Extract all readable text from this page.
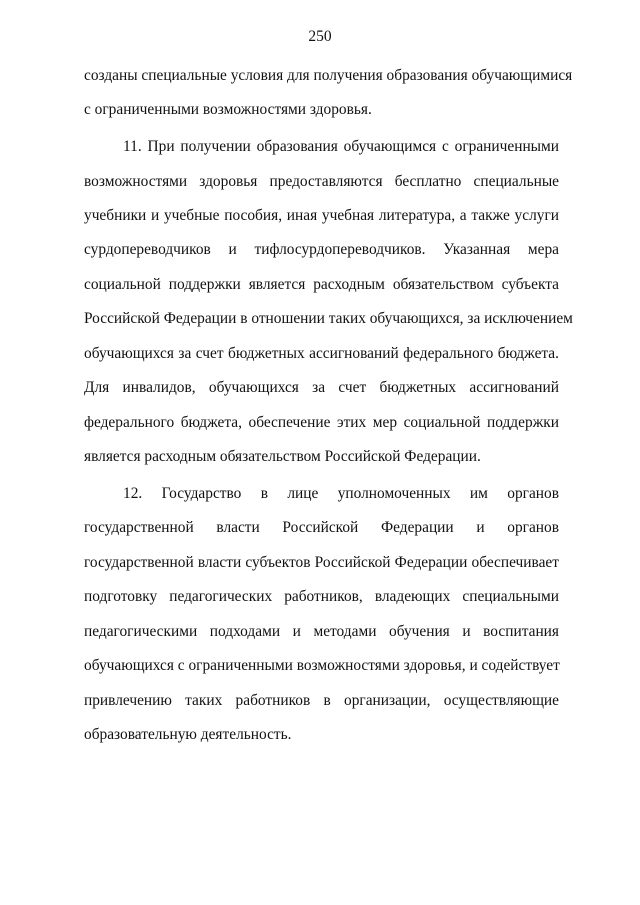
250
созданы специальные условия для получения образования обучающимися
с ограниченными возможностями здоровья.
11. При получении образования обучающимся с ограниченными
возможностями здоровья предоставляются бесплатно специальные
учебники и учебные пособия, иная учебная литература, а также услуги
сурдопереводчиков и тифлосурдопереводчиков. Указанная мера
социальной поддержки является расходным обязательством субъекта
Российской Федерации в отношении таких обучающихся, за исключением
обучающихся за счет бюджетных ассигнований федерального бюджета.
Для инвалидов, обучающихся за счет бюджетных ассигнований
федерального бюджета, обеспечение этих мер социальной поддержки
является расходным обязательством Российской Федерации.
12. Государство в лице уполномоченных им органов
государственной власти Российской Федерации и органов
государственной власти субъектов Российской Федерации обеспечивает
подготовку педагогических работников, владеющих специальными
педагогическими подходами и методами обучения и воспитания
обучающихся с ограниченными возможностями здоровья, и содействует
привлечению таких работников в организации, осуществляющие
образовательную деятельность.
